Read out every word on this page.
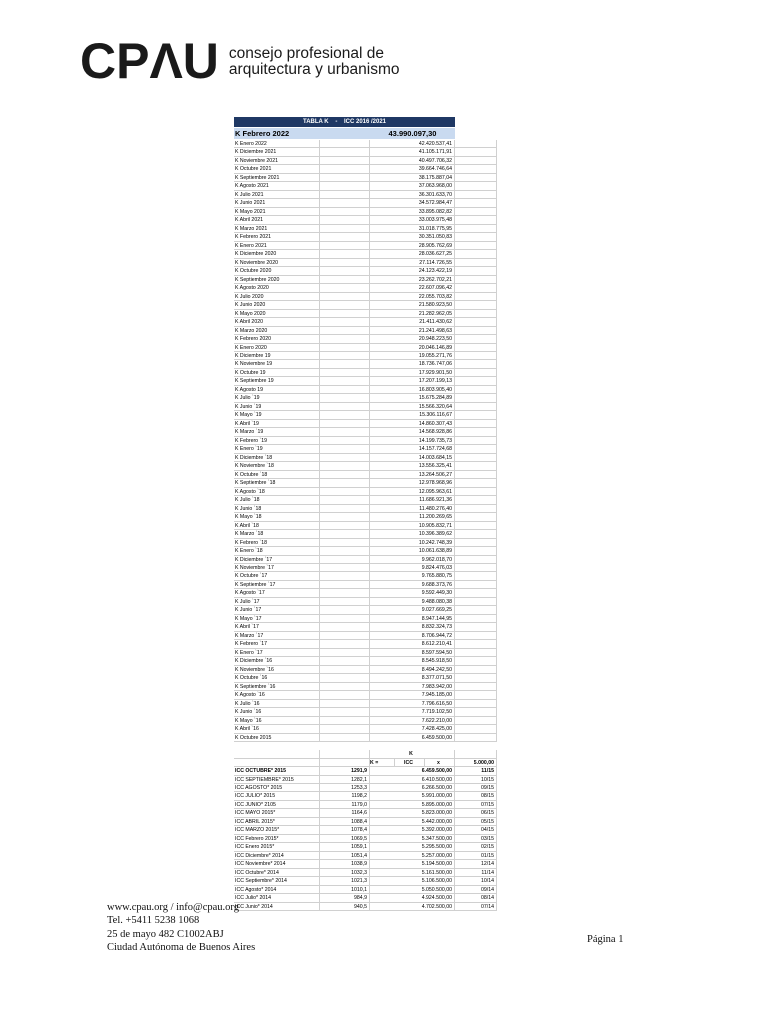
CPΛU consejo profesional de
arquitectura y urbanismo
TABLA K - ICC 2016 /2021
K Febrero 2022	43.990.097,30
K Enero 2022	42.420.537,41
K Diciembre 2021	41.105.171,91
K Noviembre 2021	40.497.706,32
K Octubre 2021	39.664.746,64
K Septiembre 2021	38.175.887,04
K Agosto 2021	37.063.968,00
K Julio 2021	36.301.633,70
K Junio 2021	34.572.984,47
K Mayo 2021	33.895.082,82
K Abril 2021	33.003.975,48
K Marzo 2021	31.018.775,95
K Febrero 2021	30.351.050,83
K Enero 2021	28.905.762,69
K Diciembre 2020	28.036.627,25
K Noviembre 2020	27.114.726,55
K Octubre 2020	24.123.422,19
K Septiembre 2020	23.262.702,21
K Agosto 2020	22.607.096,42
K Julio 2020	22.055.703,82
K Junio 2020	21.580.923,50
K Mayo 2020	21.282.962,05
K Abril 2020	21.411.430,62
K Marzo 2020	21.241.498,63
K Febrero 2020	20.948.223,50
K Enero 2020	20.046.146,89
K Diciembre 19	19.055.271,76
K Noviembre 19	18.736.747,06
K Octubre 19	17.929.901,50
K Septiembre 19	17.207.199,13
K Agosto 19	16.803.905,40
K Julio `19	15.675.284,89
K Junio `19	15.566.320,64
K Mayo `19	15.306.116,67
K Abril `19	14.860.307,43
K Marzo `19	14.568.928,86
K Febrero `19	14.199.735,73
K Enero `19	14.157.724,68
K Diciembre `18	14.003.684,15
K Noviembre `18	13.556.325,41
K Octubre `18	13.264.506,27
K Septiembre `18	12.978.968,96
K Agosto `18	12.095.963,61
K Julio `18	11.686.921,36
K Junio `18	11.480.276,40
K Mayo `18	11.200.269,65
K Abril `18	10.905.832,71
K Marzo `18	10.396.389,62
K Febrero `18	10.242.748,39
K Enero `18	10.061.638,89
K Diciembre `17	9.962.018,70
K Noviembre `17	9.824.476,03
K Octubre `17	9.765.880,75
K Septiembre `17	9.688.373,76
K Agosto `17	9.592.449,30
K Julio `17	9.488.080,38
K Junio `17	9.027.669,25
K Mayo `17	8.947.144,95
K Abril `17	8.832.324,73
K Marzo `17	8.706.944,72
K Febrero `17	8.612.210,41
K Enero `17	8.597.594,50
K Diciembre `16	8.545.918,50
K Noviembre `16	8.494.242,50
K Octubre `16	8.377.071,50
K Septiembre `16	7.983.942,00
K Agosto `16	7.945.185,00
K Julio `16	7.796.616,50
K Junio `16	7.719.102,50
K Mayo `16	7.622.210,00
K Abril `16	7.428.425,00
K Octubre 2015	6.459.500,00
K
K =	ICC	x	5.000,00
ICC OCTUBRE* 2015	1291,9	6.459.500,00	11/15
ICC SEPTIEMBRE* 2015	1282,1	6.410.500,00	10/15
ICC AGOSTO* 2015	1253,3	6.266.500,00	09/15
ICC JULIO* 2015	1198,2	5.991.000,00	08/15
ICC JUNIO* 2105	1179,0	5.895.000,00	07/15
ICC MAYO 2015*	1164,6	5.823.000,00	06/15
ICC ABRIL 2015*	1088,4	5.442.000,00	05/15
ICC MARZO 2015*	1078,4	5.392.000,00	04/15
ICC Febrero 2015*	1069,5	5.347.500,00	03/15
ICC Enero 2015*	1059,1	5.295.500,00	02/15
ICC Diciembre* 2014	1051,4	5.257.000,00	01/15
ICC Noviembre* 2014	1038,9	5.194.500,00	12/14
ICC Octubre* 2014	1032,3	5.161.500,00	11/14
ICC Septiembre* 2014	1021,3	5.106.500,00	10/14
ICC Agosto* 2014	1010,1	5.050.500,00	09/14
ICC Julio* 2014	984,9	4.924.500,00	08/14
ICC Junio* 2014	940,5	4.702.500,00	07/14
www.cpau.org / info@cpau.org
Tel. +5411 5238 1068
25 de mayo 482 C1002ABJ
Ciudad Autónoma de Buenos Aires
Página 1
